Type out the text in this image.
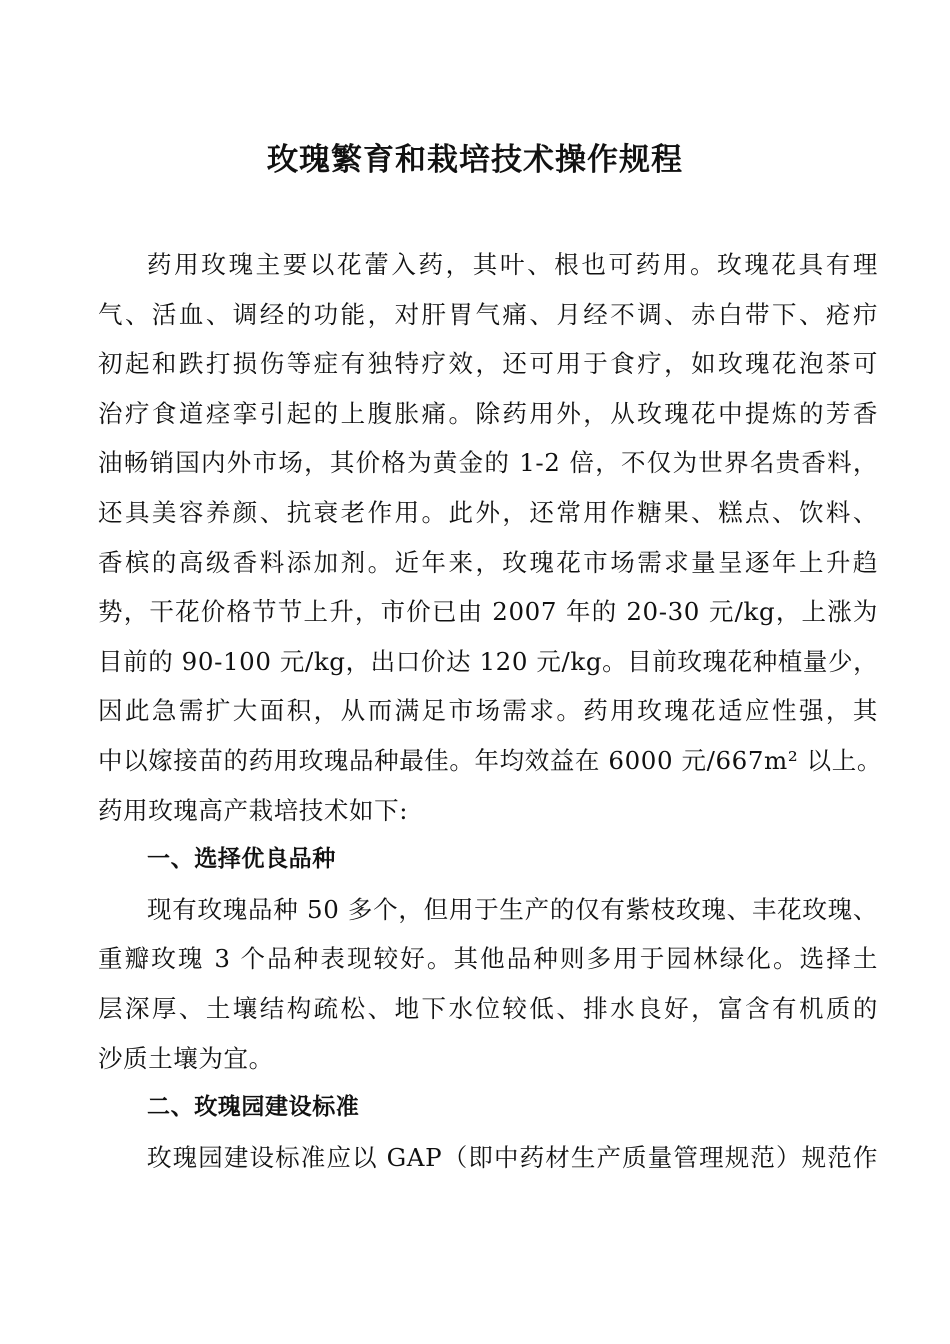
玫瑰繁育和栽培技术操作规程
药用玫瑰主要以花蕾入药，其叶、根也可药用。玫瑰花具有理
气、活血、调经的功能，对肝胃气痛、月经不调、赤白带下、疮疖
初起和跌打损伤等症有独特疗效，还可用于食疗，如玫瑰花泡茶可
治疗食道痉挛引起的上腹胀痛。除药用外，从玫瑰花中提炼的芳香
油畅销国内外市场，其价格为黄金的 1-2 倍，不仅为世界名贵香料，
还具美容养颜、抗衰老作用。此外，还常用作糖果、糕点、饮料、
香槟的高级香料添加剂。近年来，玫瑰花市场需求量呈逐年上升趋
势，干花价格节节上升，市价已由 2007 年的 20-30 元/kg，上涨为
目前的 90-100 元/kg，出口价达 120 元/kg。目前玫瑰花种植量少，
因此急需扩大面积，从而满足市场需求。药用玫瑰花适应性强，其
中以嫁接苗的药用玫瑰品种最佳。年均效益在 6000 元/667m² 以上。
药用玫瑰高产栽培技术如下:
一、选择优良品种
现有玫瑰品种 50 多个，但用于生产的仅有紫枝玫瑰、丰花玫瑰、
重瓣玫瑰 3 个品种表现较好。其他品种则多用于园林绿化。选择土
层深厚、土壤结构疏松、地下水位较低、排水良好，富含有机质的
沙质土壤为宜。
二、玫瑰园建设标准
玫瑰园建设标准应以 GAP（即中药材生产质量管理规范）规范作
